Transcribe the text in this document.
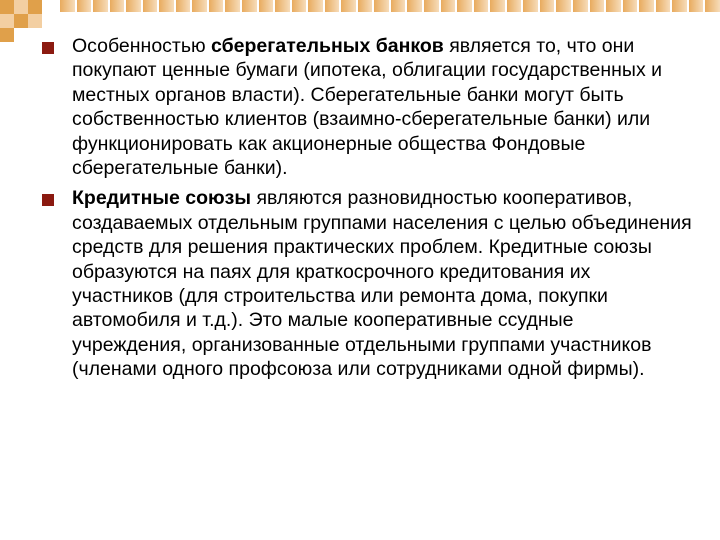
Особенностью сберегательных банков является то, что они покупают ценные бумаги (ипотека, облигации государственных и местных органов власти). Сберегательные банки могут быть собственностью клиентов (взаимно-сберегательные банки) или функционировать как акционерные общества Фондовые сберегательные банки).
Кредитные союзы являются разновидностью кооперативов, создаваемых отдельным группами населения с целью объединения средств для решения практических проблем. Кредитные союзы образуются на паях для краткосрочного кредитования их участников (для строительства или ремонта дома, покупки автомобиля и т.д.). Это малые кооперативные ссудные учреждения, организованные отдельными группами участников (членами одного профсоюза или сотрудниками одной фирмы).
